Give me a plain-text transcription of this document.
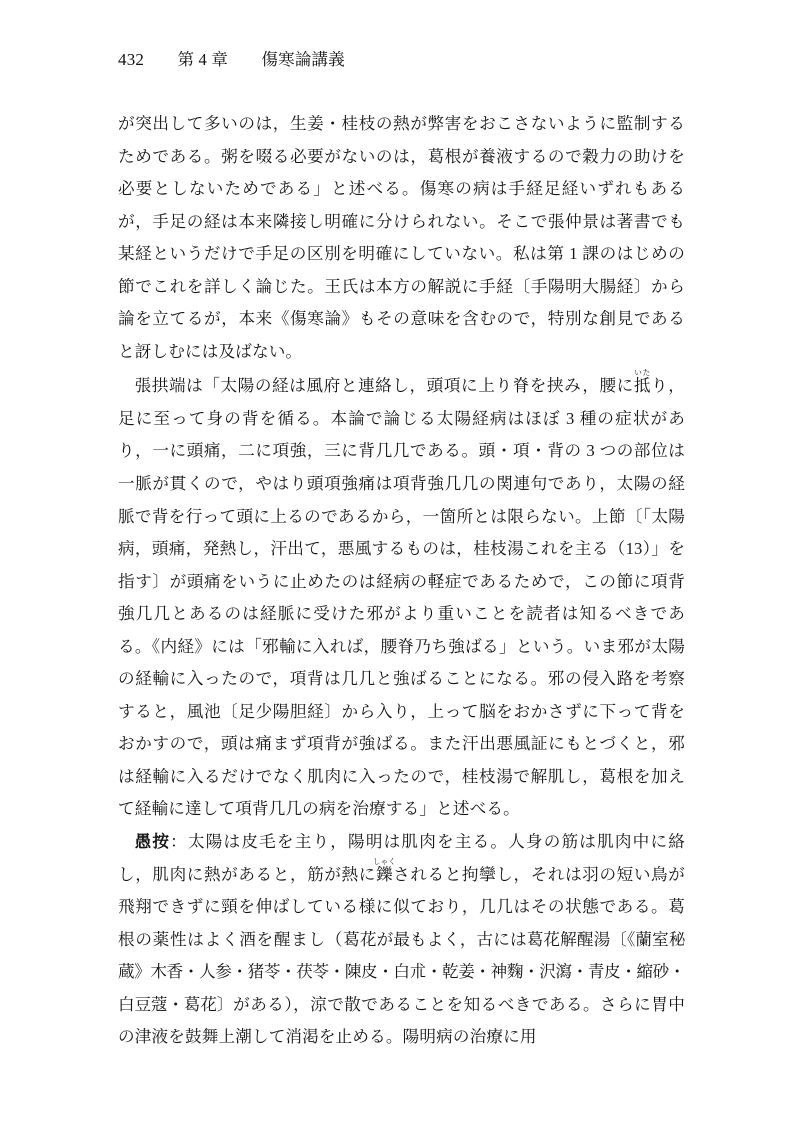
432　　 第 4 章　　 傷寒論講義

が突出して多いのは，生姜・桂枝の熱が弊害をおこさないように監制するためである。粥を啜る必要がないのは，葛根が養液するので穀力の助けを必要としないためである」と述べる。傷寒の病は手経足経いずれもあるが，手足の経は本来隣接し明確に分けられない。そこで張仲景は著書でも某経というだけで手足の区別を明確にしていない。私は第 1 課のはじめの節でこれを詳しく論じた。王氏は本方の解説に手経〔手陽明大腸経〕から論を立てるが，本来《傷寒論》もその意味を含むので，特別な創見であると訝しむには及ばない。

張拱端は「太陽の経は風府と連絡し，頭項に上り脊を挟み，腰に抵いたり，足に至って身の背を循る。本論で論じる太陽経病はほぼ 3 種の症状があり，一に頭痛，二に項強，三に背几几である。頭・項・背の 3 つの部位は一脈が貫くので，やはり頭項強痛は項背強几几の関連句であり，太陽の経脈で背を行って頭に上るのであるから，一箇所とは限らない。上節〔「太陽病，頭痛，発熱し，汗出て，悪風するものは，桂枝湯これを主る（13）」を指す〕が頭痛をいうに止めたのは経病の軽症であるためで，この節に項背強几几とあるのは経脈に受けた邪がより重いことを読者は知るべきである。《内経》には「邪輸に入れば，腰脊乃ち強ばる」という。いま邪が太陽の経輸に入ったので，項背は几几と強ばることになる。邪の侵入路を考察すると，風池〔足少陽胆経〕から入り，上って脳をおかさずに下って背をおかすので，頭は痛まず項背が強ばる。また汗出悪風証にもとづくと，邪は経輸に入るだけでなく肌肉に入ったので，桂枝湯で解肌し，葛根を加えて経輸に達して項背几几の病を治療する」と述べる。

愚按：太陽は皮毛を主り，陽明は肌肉を主る。人身の筋は肌肉中に絡し，肌肉に熱があると，筋が熱に鑠しゃくされると拘攣し，それは羽の短い鳥が飛翔できずに頸を伸ばしている様に似ており，几几はその状態である。葛根の薬性はよく酒を醒まし（葛花が最もよく，古には葛花解醒湯〔《蘭室秘蔵》木香・人参・猪苓・茯苓・陳皮・白朮・乾姜・神麴・沢瀉・青皮・縮砂・白豆蔻・葛花〕がある），涼で散であることを知るべきである。さらに胃中の津液を鼓舞上潮して消渇を止める。陽明病の治療に用
